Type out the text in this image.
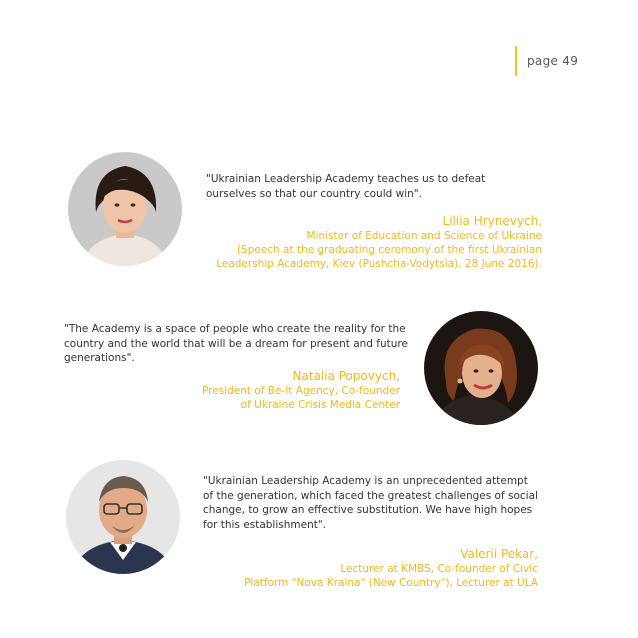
page 49
"Ukrainian Leadership Academy teaches us to defeat ourselves so that our country could win".
Liliia Hrynevych,
Minister of Education and Science of Ukraine
(Speech at the graduating ceremony of the first Ukrainian
Leadership Academy, Kiev (Pushcha-Vodytsia), 28 June 2016).
"The Academy is a space of people who create the reality for the country and the world that will be a dream for present and future generations".
Natalia Popovych,
President of Be-It Agency, Co-founder
of Ukraine Crisis Media Center
"Ukrainian Leadership Academy is an unprecedented attempt of the generation, which faced the greatest challenges of social change, to grow an effective substitution. We have high hopes for this establishment".
Valerii Pekar,
Lecturer at KMBS, Co-founder of Civic
Platform "Nova Kraina" (New Country"), Lecturer at ULA
